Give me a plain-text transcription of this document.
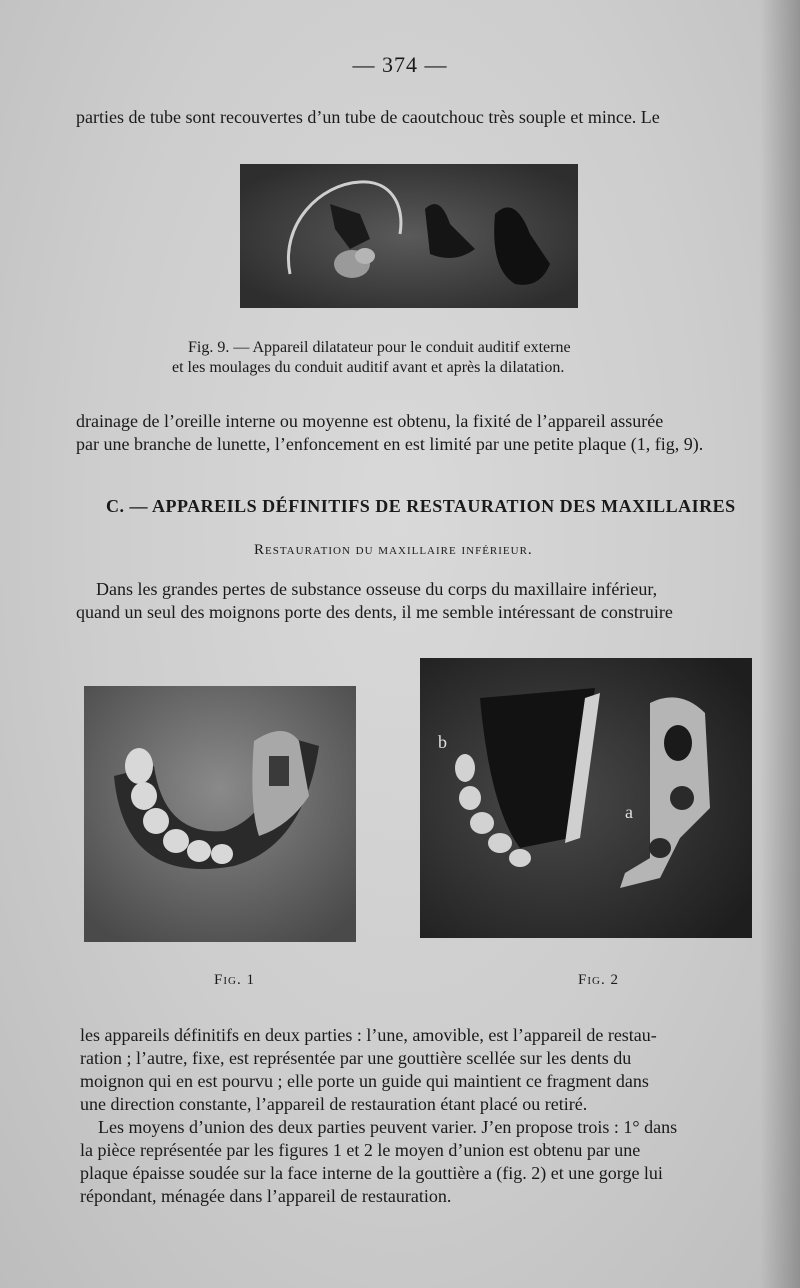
— 374 —
parties de tube sont recouvertes d’un tube de caoutchouc très souple et mince. Le
Fig. 9. — Appareil dilatateur pour le conduit auditif externe
et les moulages du conduit auditif avant et après la dilatation.
drainage de l’oreille interne ou moyenne est obtenu, la fixité de l’appareil assurée
par une branche de lunette, l’enfoncement en est limité par une petite plaque (1, fig, 9).
C. — APPAREILS DÉFINITIFS DE RESTAURATION DES MAXILLAIRES
Restauration du maxillaire inférieur.
Dans les grandes pertes de substance osseuse du corps du maxillaire inférieur,
quand un seul des moignons porte des dents, il me semble intéressant de construire
b
a
Fig. 1	Fig. 2
les appareils définitifs en deux parties : l’une, amovible, est l’appareil de restau-
ration ; l’autre, fixe, est représentée par une gouttière scellée sur les dents du
moignon qui en est pourvu ; elle porte un guide qui maintient ce fragment dans
une direction constante, l’appareil de restauration étant placé ou retiré.
Les moyens d’union des deux parties peuvent varier. J’en propose trois : 1° dans
la pièce représentée par les figures 1 et 2 le moyen d’union est obtenu par une
plaque épaisse soudée sur la face interne de la gouttière a (fig. 2) et une gorge lui
répondant, ménagée dans l’appareil de restauration.
